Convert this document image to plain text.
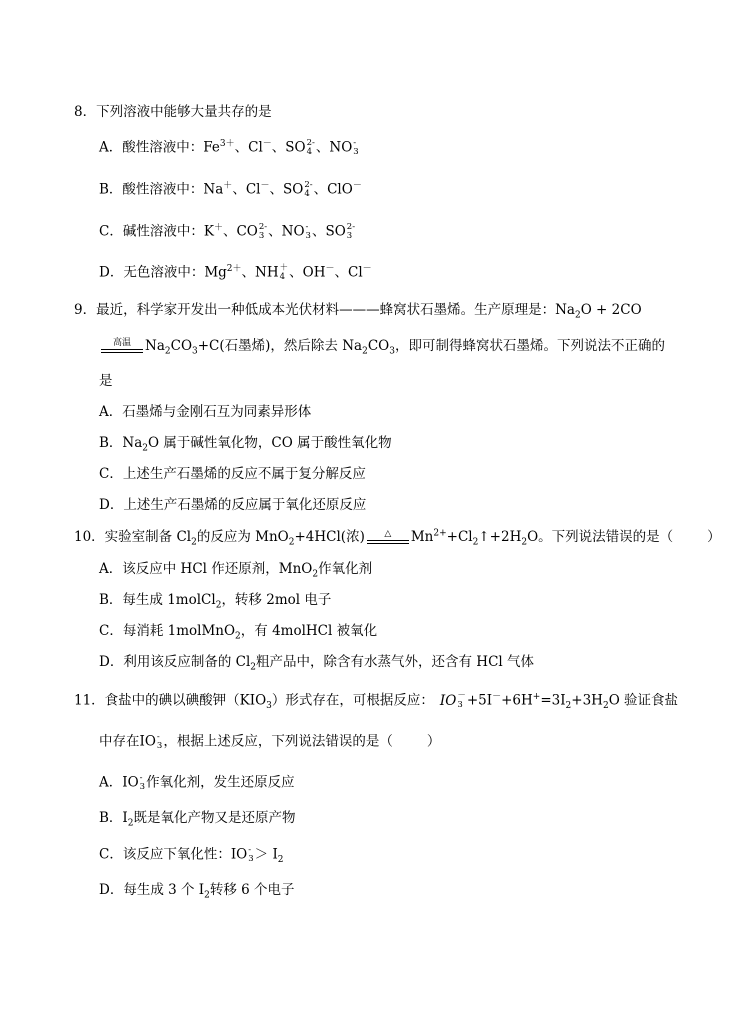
8．下列溶液中能够大量共存的是
A．酸性溶液中：$Fe^{3+}$、Cl－、SO 2-
4 、NO -
3
B．酸性溶液中：Na＋、Cl－、SO 2-
4 、ClO－
C．碱性溶液中：K＋、CO 2-
3 、NO -
3 、SO 2-
3
D．无色溶液中：$Mg^{2+}$、NH ＋
4 、OH－、Cl－
9．最近，科学家开发出一种低成本光伏材料———蜂窝状石墨烯。生产原理是：$Na_2O + 2CO$
高温	$Na_2CO_3+C$(石墨烯)，然后除去 $Na_2CO_3$，即可制得蜂窝状石墨烯。下列说法不正确的
是
A．石墨烯与金刚石互为同素异形体
B．$Na_2O$ 属于碱性氧化物，CO 属于酸性氧化物
C．上述生产石墨烯的反应不属于复分解反应
D．上述生产石墨烯的反应属于氧化还原反应
10．实验室制备 $Cl_2$的反应为 MnO$_2$+4HCl(浓)	△	$Mn^{2+}+Cl_2↑+2H_2O$。下列说法错误的是（	）
A．该反应中 HCl 作还原剂，MnO$_2$作氧化剂
B．每生成 1molCl$_2$，转移 2mol 电子
C．每消耗 1molMnO$_2$，有 4molHCl 被氧化
D．利用该反应制备的 $Cl_2$粗产品中，除含有水蒸气外，还含有 HCl 气体
11．食盐中的碘以碘酸钾$(KIO_3)$形式存在，可根据反应： IO －
$3 +5I^-+6H^+=3I_2+3H_2O$ 验证食盐
中存在IO -
3 ，根据上述反应，下列说法错误的是（	）
A．IO -
3 作氧化剂，发生还原反应
B．$I_2$既是氧化产物又是还原产物
C．该反应下氧化性：IO -
$3 > I_2$
D．每生成 3 个 $I_2$转移 6 个电子
